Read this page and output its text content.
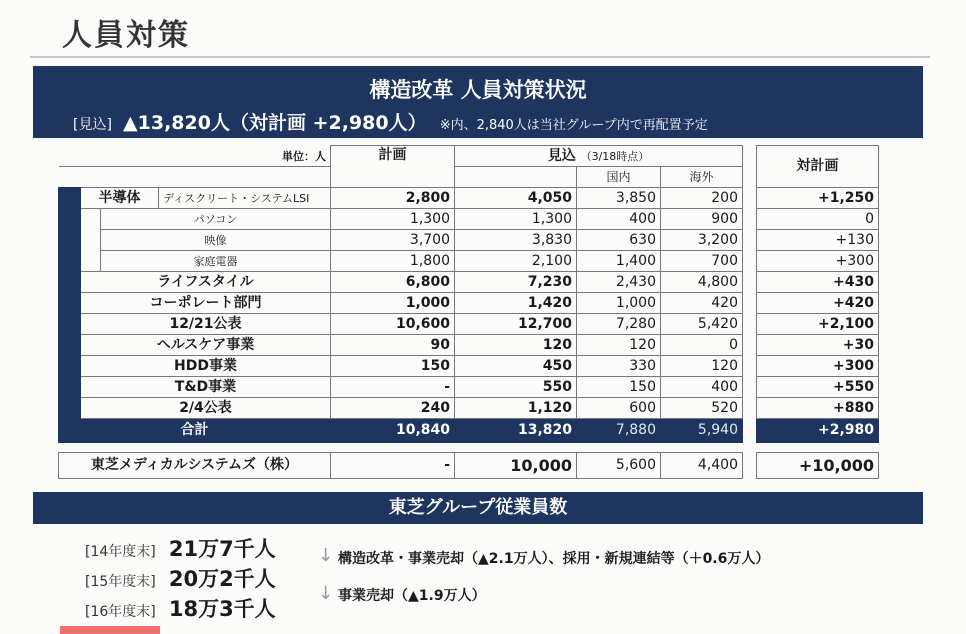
人員対策
構造改革 人員対策状況
[見込] ▲13,820人（対計画 +2,980人） ※内、2,840人は当社グループ内で再配置予定
単位：人				計画	見込 （3/18時点）				対計画
						国内	海外		
	半導体		ディスクリート・システムLSI	2,800	4,050	3,850	200		+1,250
		パソコン		1,300	1,300	400	900		0
		映像		3,700	3,830	630	3,200		+130
		家庭電器		1,800	2,100	1,400	700		+300
	ライフスタイル			6,800	7,230	2,430	4,800		+430
	コーポレート部門			1,000	1,420	1,000	420		+420
	12/21公表			10,600	12,700	7,280	5,420		+2,100
	ヘルスケア事業			90	120	120	0		+30
	HDD事業			150	450	330	120		+300
	T&D事業			-	550	150	400		+550
	2/4公表			240	1,120	600	520		+880
合計				10,840	13,820	7,880	5,940		+2,980

東芝メディカルシステムズ（株）				-	10,000	5,600	4,400		+10,000
東芝グループ従業員数
[14年度末] 21万7千人
[15年度末] 20万2千人
[16年度末] 18万3千人
↓
↓
構造改革・事業売却（▲2.1万人）、採用・新規連結等（＋0.6万人）
事業売却（▲1.9万人）
